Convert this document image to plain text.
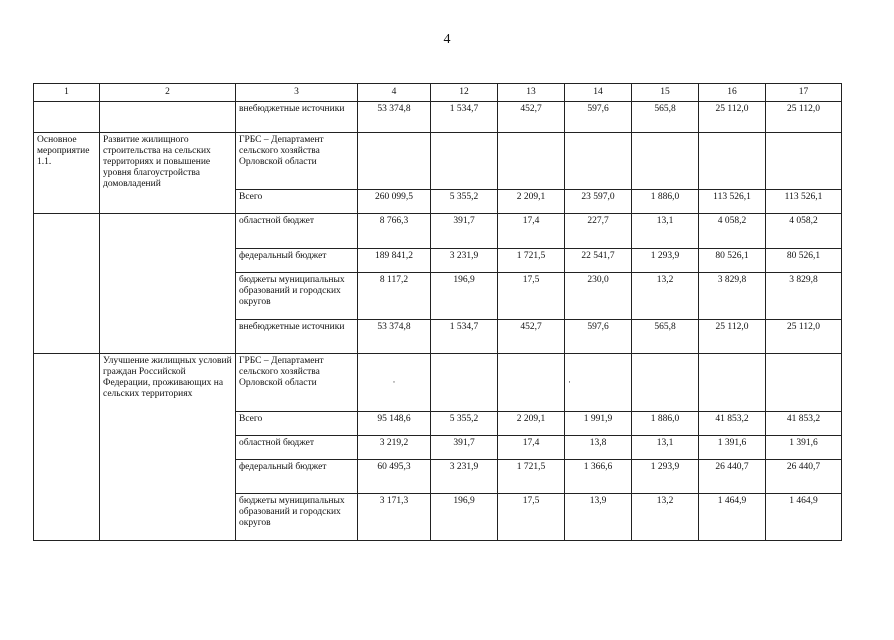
4
1	2	3	4	12	13	14	15	16	17
		внебюджетные источники	53 374,8	1 534,7	452,7	597,6	565,8	25 112,0	25 112,0
Основное мероприятие 1.1.	Развитие жилищного строительства на сельских территориях и повышение уровня благоустройства домовладений	ГРБС – Департамент сельского хозяйства Орловской области							
		Всего	260 099,5	5 355,2	2 209,1	23 597,0	1 886,0	113 526,1	113 526,1
		областной бюджет	8 766,3	391,7	17,4	227,7	13,1	4 058,2	4 058,2
		федеральный бюджет	189 841,2	3 231,9	1 721,5	22 541,7	1 293,9	80 526,1	80 526,1
		бюджеты муниципальных образований и городских округов	8 117,2	196,9	17,5	230,0	13,2	3 829,8	3 829,8
		внебюджетные источники	53 374,8	1 534,7	452,7	597,6	565,8	25 112,0	25 112,0
	Улучшение жилищных условий граждан Российской Федерации, проживающих на сельских территориях	ГРБС – Департамент сельского хозяйства Орловской области	·			·			
		Всего	95 148,6	5 355,2	2 209,1	1 991,9	1 886,0	41 853,2	41 853,2
		областной бюджет	3 219,2	391,7	17,4	13,8	13,1	1 391,6	1 391,6
		федеральный бюджет	60 495,3	3 231,9	1 721,5	1 366,6	1 293,9	26 440,7	26 440,7
		бюджеты муниципальных образований и городских округов	3 171,3	196,9	17,5	13,9	13,2	1 464,9	1 464,9
